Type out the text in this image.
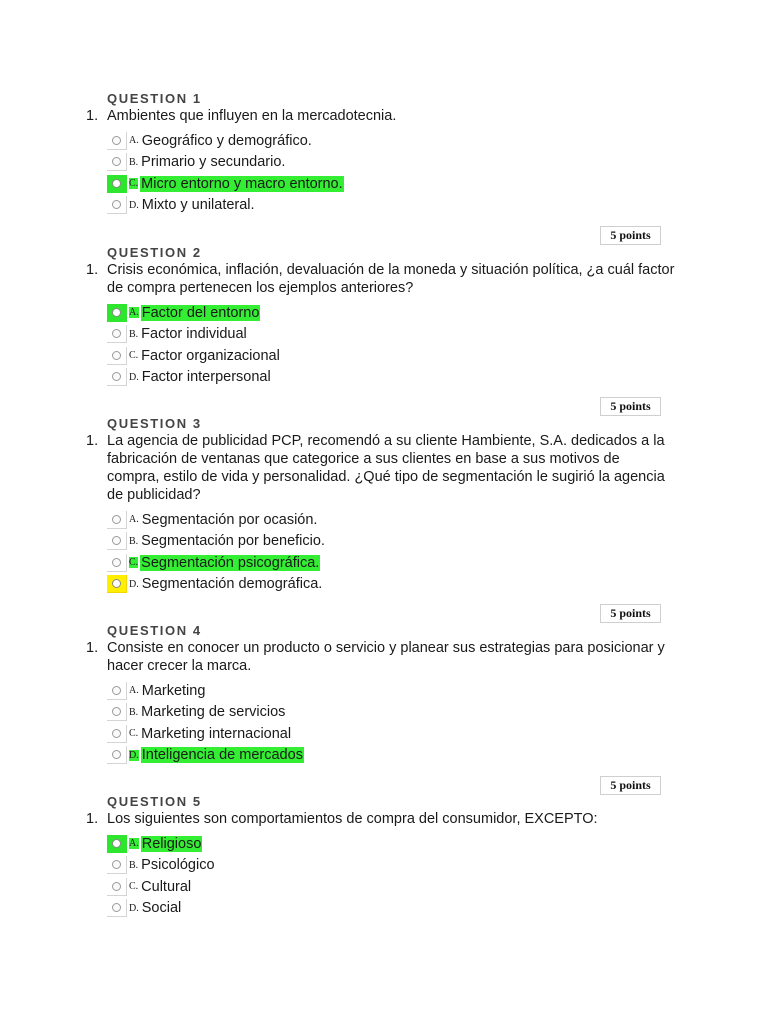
QUESTION 1
1. Ambientes que influyen en la mercadotecnia.
A. Geográfico y demográfico.
B. Primario y secundario.
C. Micro entorno y macro entorno.
D. Mixto y unilateral.
5 points
QUESTION 2
1. Crisis económica, inflación, devaluación de la moneda y situación política, ¿a cuál factor de compra pertenecen los ejemplos anteriores?
A. Factor del entorno
B. Factor individual
C. Factor organizacional
D. Factor interpersonal
5 points
QUESTION 3
1. La agencia de publicidad PCP, recomendó a su cliente Hambiente, S.A. dedicados a la fabricación de ventanas que categorice a sus clientes en base a sus motivos de compra, estilo de vida y personalidad. ¿Qué tipo de segmentación le sugirió la agencia de publicidad?
A. Segmentación por ocasión.
B. Segmentación por beneficio.
C. Segmentación psicográfica.
D. Segmentación demográfica.
5 points
QUESTION 4
1. Consiste en conocer un producto o servicio y planear sus estrategias para posicionar y hacer crecer la marca.
A. Marketing
B. Marketing de servicios
C. Marketing internacional
D. Inteligencia de mercados
5 points
QUESTION 5
1. Los siguientes son comportamientos de compra del consumidor, EXCEPTO:
A. Religioso
B. Psicológico
C. Cultural
D. Social
